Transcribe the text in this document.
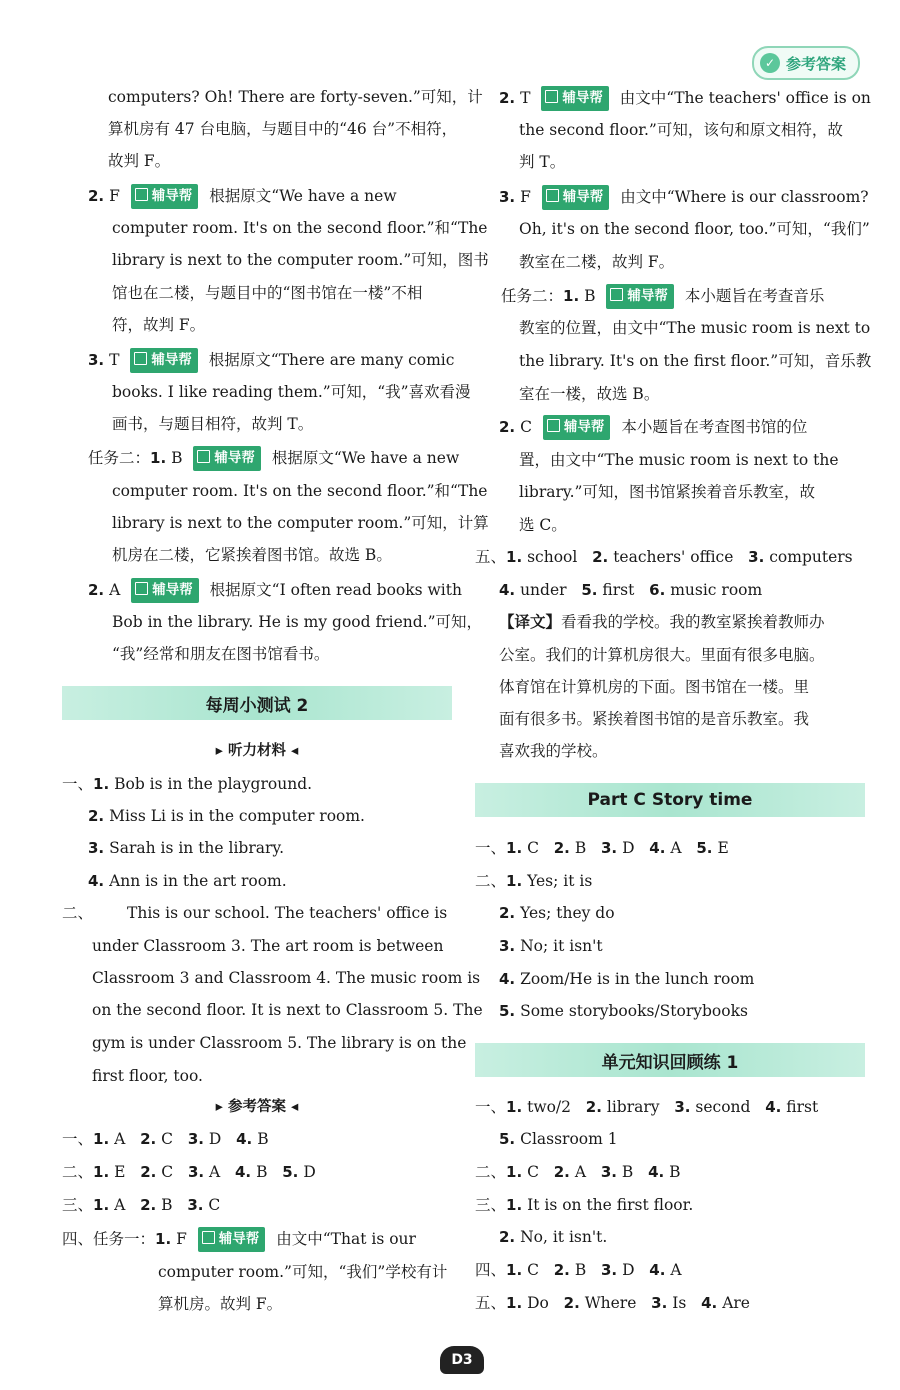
✓ 参考答案
computers? Oh! There are forty-seven.”可知，计
算机房有 47 台电脑，与题目中的“46 台”不相符，
故判 F。
2. F 辅导帮 根据原文“We have a new
computer room. It's on the second floor.”和“The
library is next to the computer room.”可知，图书
馆也在二楼，与题目中的“图书馆在一楼”不相
符，故判 F。
3. T 辅导帮 根据原文“There are many comic
books. I like reading them.”可知，“我”喜欢看漫
画书，与题目相符，故判 T。
任务二：1. B 辅导帮 根据原文“We have a new
computer room. It's on the second floor.”和“The
library is next to the computer room.”可知，计算
机房在二楼，它紧挨着图书馆。故选 B。
2. A 辅导帮 根据原文“I often read books with
Bob in the library. He is my good friend.”可知，
“我”经常和朋友在图书馆看书。
每周小测试 2
▸ 听力材料 ◂
一、1. Bob is in the playground.
2. Miss Li is in the computer room.
3. Sarah is in the library.
4. Ann is in the art room.
二、 This is our school. The teachers' office is
under Classroom 3. The art room is between
Classroom 3 and Classroom 4. The music room is
on the second floor. It is next to Classroom 5. The
gym is under Classroom 5. The library is on the
first floor, too.
▸ 参考答案 ◂
一、1. A 2. C 3. D 4. B
二、1. E 2. C 3. A 4. B 5. D
三、1. A 2. B 3. C
四、任务一：1. F 辅导帮 由文中“That is our
computer room.”可知，“我们”学校有计
算机房。故判 F。
2. T 辅导帮 由文中“The teachers' office is on
the second floor.”可知，该句和原文相符，故
判 T。
3. F 辅导帮 由文中“Where is our classroom?
Oh, it's on the second floor, too.”可知，“我们”
教室在二楼，故判 F。
任务二：1. B 辅导帮 本小题旨在考查音乐
教室的位置，由文中“The music room is next to
the library. It's on the first floor.”可知，音乐教
室在一楼，故选 B。
2. C 辅导帮 本小题旨在考查图书馆的位
置，由文中“The music room is next to the
library.”可知，图书馆紧挨着音乐教室，故
选 C。
五、1. school 2. teachers' office 3. computers
4. under 5. first 6. music room
【译文】看看我的学校。我的教室紧挨着教师办
公室。我们的计算机房很大。里面有很多电脑。
体育馆在计算机房的下面。图书馆在一楼。里
面有很多书。紧挨着图书馆的是音乐教室。我
喜欢我的学校。
Part C Story time
一、1. C 2. B 3. D 4. A 5. E
二、1. Yes; it is
2. Yes; they do
3. No; it isn't
4. Zoom/He is in the lunch room
5. Some storybooks/Storybooks
单元知识回顾练 1
一、1. two/2 2. library 3. second 4. first
5. Classroom 1
二、1. C 2. A 3. B 4. B
三、1. It is on the first floor.
2. No, it isn't.
四、1. C 2. B 3. D 4. A
五、1. Do 2. Where 3. Is 4. Are
D3
